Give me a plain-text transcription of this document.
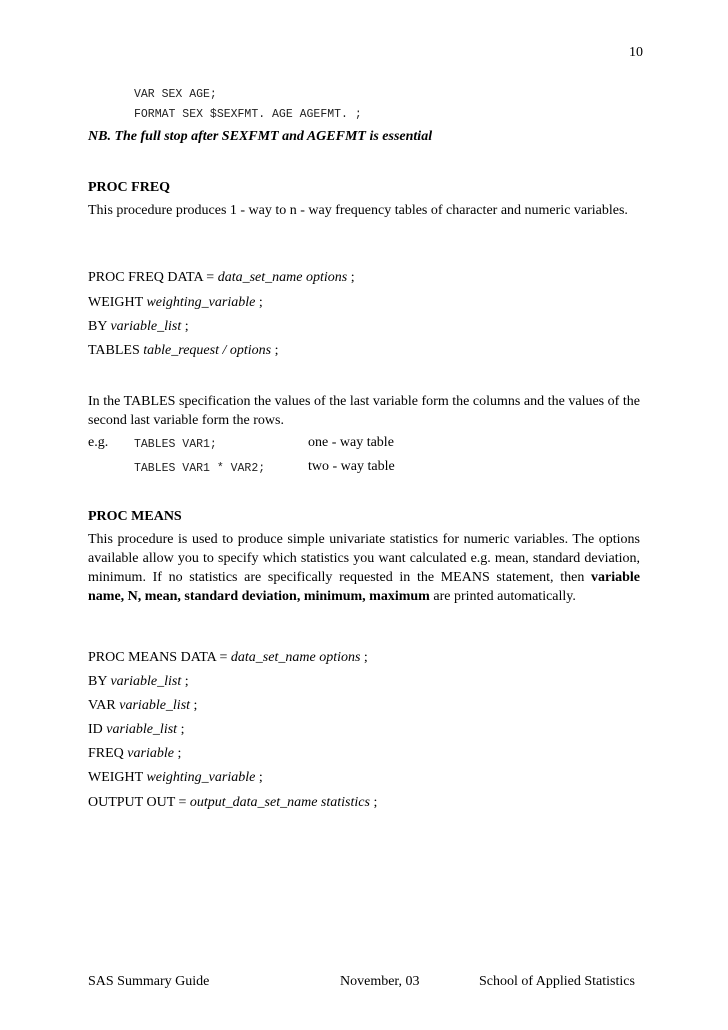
10
VAR SEX AGE;
FORMAT SEX $SEXFMT. AGE AGEFMT. ;
NB. The full stop after SEXFMT and AGEFMT is essential
PROC FREQ
This procedure produces 1 - way to n - way frequency tables of character and numeric variables.
PROC FREQ DATA = data_set_name options ;
WEIGHT weighting_variable ;
BY variable_list ;
TABLES table_request / options ;
In the TABLES specification the values of the last variable form the columns and the values of the second last variable form the rows.
e.g. TABLES VAR1;	one - way table
TABLES VAR1 * VAR2;	two - way table
PROC MEANS
This procedure is used to produce simple univariate statistics for numeric variables. The options available allow you to specify which statistics you want calculated e.g. mean, standard deviation, minimum. If no statistics are specifically requested in the MEANS statement, then variable name, N, mean, standard deviation, minimum, maximum are printed automatically.
PROC MEANS DATA = data_set_name options ;
BY variable_list ;
VAR variable_list ;
ID variable_list ;
FREQ variable ;
WEIGHT weighting_variable ;
OUTPUT OUT = output_data_set_name statistics ;
SAS Summary Guide	November, 03	School of Applied Statistics
